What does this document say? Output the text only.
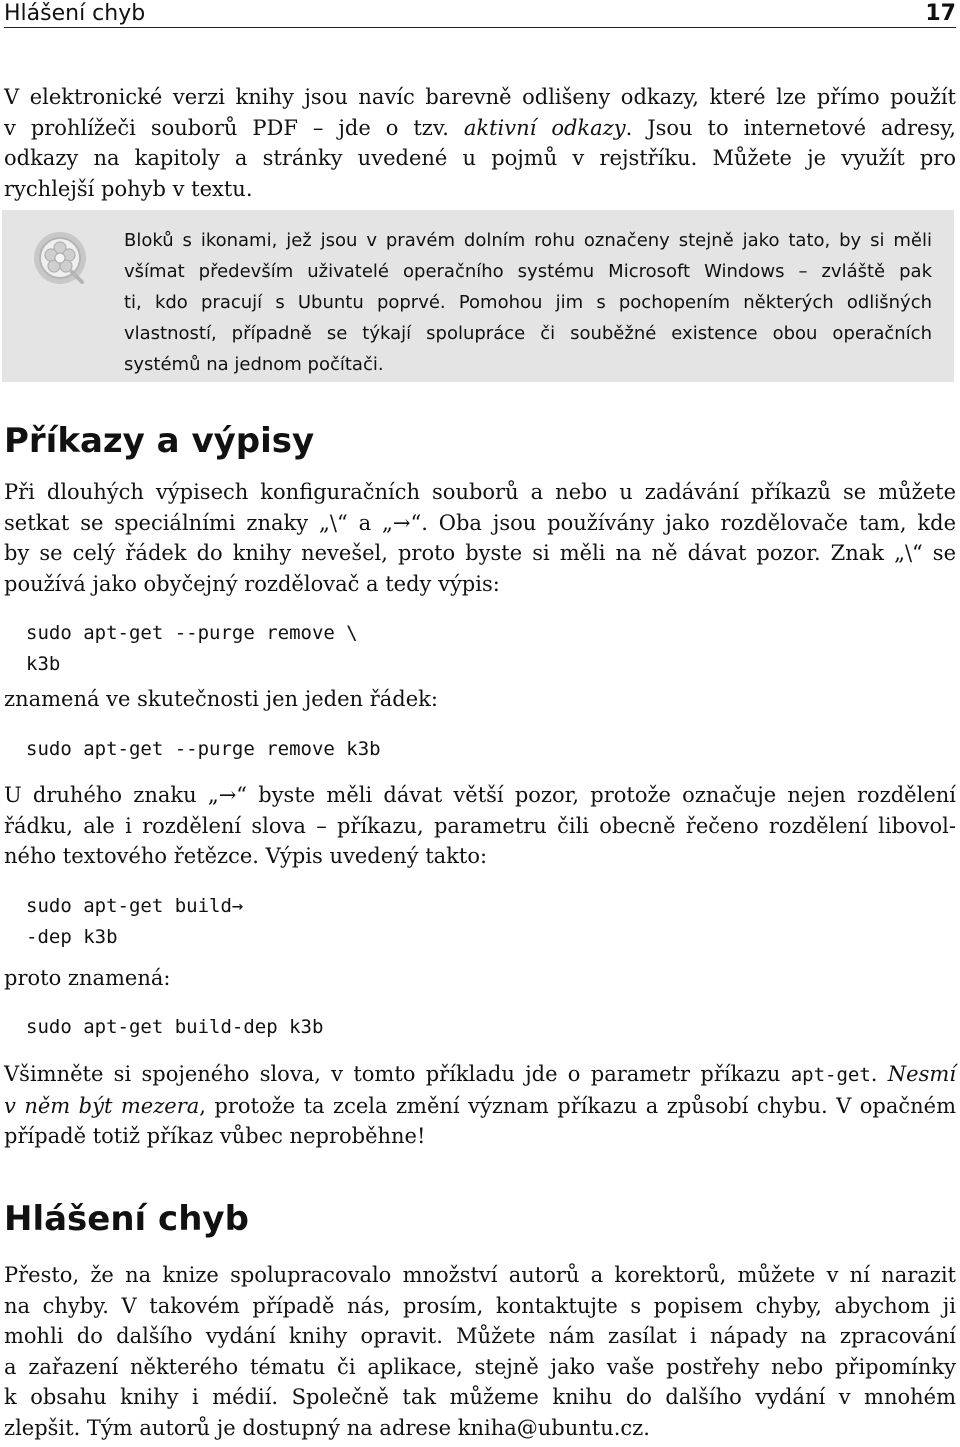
Hlášení chyb	17
V elektronické verzi knihy jsou navíc barevně odlišeny odkazy, které lze přímo použít
v prohlížeči souborů PDF – jde o tzv. aktivní odkazy. Jsou to internetové adresy,
odkazy na kapitoly a stránky uvedené u pojmů v rejstříku. Můžete je využít pro
rychlejší pohyb v textu.
Bloků s ikonami, jež jsou v pravém dolním rohu označeny stejně jako tato, by si měli
všímat především uživatelé operačního systému Microsoft Windows – zvláště pak
ti, kdo pracují s Ubuntu poprvé. Pomohou jim s pochopením některých odlišných
vlastností, případně se týkají spolupráce či souběžné existence obou operačních
systémů na jednom počítači.
Příkazy a výpisy
Při dlouhých výpisech konfiguračních souborů a nebo u zadávání příkazů se můžete
setkat se speciálními znaky „\“ a „→“. Oba jsou používány jako rozdělovače tam, kde
by se celý řádek do knihy nevešel, proto byste si měli na ně dávat pozor. Znak „\“ se
používá jako obyčejný rozdělovač a tedy výpis:
sudo apt-get --purge remove \
k3b
znamená ve skutečnosti jen jeden řádek:
sudo apt-get --purge remove k3b
U druhého znaku „→“ byste měli dávat větší pozor, protože označuje nejen rozdělení
řádku, ale i rozdělení slova – příkazu, parametru čili obecně řečeno rozdělení libovol-
ného textového řetězce. Výpis uvedený takto:
sudo apt-get build→
-dep k3b
proto znamená:
sudo apt-get build-dep k3b
Všimněte si spojeného slova, v tomto příkladu jde o parametr příkazu apt-get. Nesmí
v něm být mezera, protože ta zcela změní význam příkazu a způsobí chybu. V opačném
případě totiž příkaz vůbec neproběhne!
Hlášení chyb
Přesto, že na knize spolupracovalo množství autorů a korektorů, můžete v ní narazit
na chyby. V takovém případě nás, prosím, kontaktujte s popisem chyby, abychom ji
mohli do dalšího vydání knihy opravit. Můžete nám zasílat i nápady na zpracování
a zařazení některého tématu či aplikace, stejně jako vaše postřehy nebo připomínky
k obsahu knihy i médií. Společně tak můžeme knihu do dalšího vydání v mnohém
zlepšit. Tým autorů je dostupný na adrese kniha@ubuntu.cz.
